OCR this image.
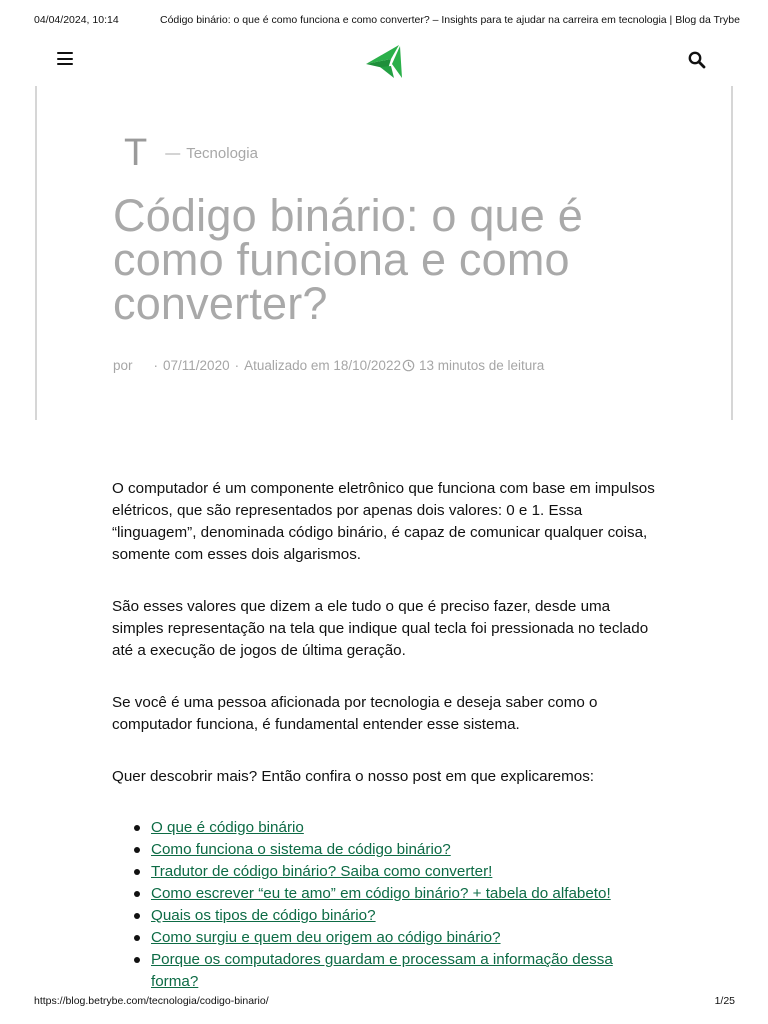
04/04/2024, 10:14	Código binário: o que é como funciona e como converter? – Insights para te ajudar na carreira em tecnologia | Blog da Trybe
T — Tecnologia
Código binário: o que é como funciona e como converter?
por · 07/11/2020 · Atualizado em 18/10/2022 13 minutos de leitura

O computador é um componente eletrônico que funciona com base em impulsos elétricos, que são representados por apenas dois valores: 0 e 1. Essa “linguagem”, denominada código binário, é capaz de comunicar qualquer coisa, somente com esses dois algarismos.

São esses valores que dizem a ele tudo o que é preciso fazer, desde uma simples representação na tela que indique qual tecla foi pressionada no teclado até a execução de jogos de última geração.

Se você é uma pessoa aficionada por tecnologia e deseja saber como o computador funciona, é fundamental entender esse sistema.

Quer descobrir mais? Então confira o nosso post em que explicaremos:

O que é código binário
Como funciona o sistema de código binário?
Tradutor de código binário? Saiba como converter!
Como escrever “eu te amo” em código binário? + tabela do alfabeto!
Quais os tipos de código binário?
Como surgiu e quem deu origem ao código binário?
Porque os computadores guardam e processam a informação dessa forma?
https://blog.betrybe.com/tecnologia/codigo-binario/	1/25
